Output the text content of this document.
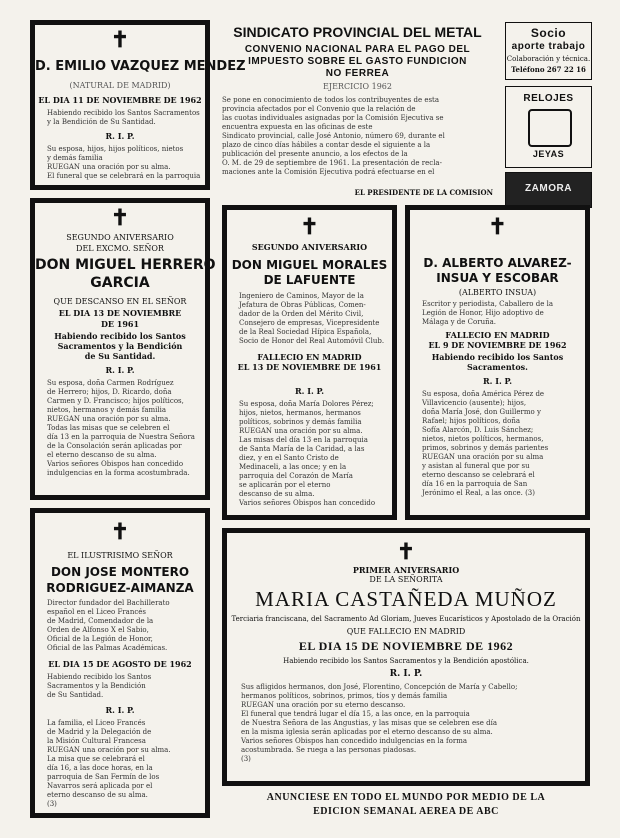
✝
D. EMILIO VAZQUEZ MENDEZ
(NATURAL DE MADRID)
EL DIA 11 DE NOVIEMBRE DE 1962
Habiendo recibido los Santos Sacramentos
y la Bendición de Su Santidad.
R. I. P.
Su esposa, hijos, hijos políticos, nietos
y demás familia
RUEGAN una oración por su alma.
El funeral que se celebrará en la parroquia
✝
SEGUNDO ANIVERSARIO
DEL EXCMO. SEÑOR
DON MIGUEL HERRERO
GARCIA
QUE DESCANSO EN EL SEÑOR
EL DIA 13 DE NOVIEMBRE
DE 1961
Habiendo recibido los Santos
Sacramentos y la Bendición
de Su Santidad.
R. I. P.
Su esposa, doña Carmen Rodríguez
de Herrero; hijos, D. Ricardo, doña
Carmen y D. Francisco; hijos políticos,
nietos, hermanos y demás familia
RUEGAN una oración por su alma.
Todas las misas que se celebren el
día 13 en la parroquia de Nuestra Señora
de la Consolación serán aplicadas por
el eterno descanso de su alma.
Varios señores Obispos han concedido
indulgencias en la forma acostumbrada.
✝
EL ILUSTRISIMO SEÑOR
DON JOSE MONTERO
RODRIGUEZ-AIMANZA
Director fundador del Bachillerato
español en el Liceo Francés
de Madrid, Comendador de la
Orden de Alfonso X el Sabio,
Oficial de la Legión de Honor,
Oficial de las Palmas Académicas.
EL DIA 15 DE AGOSTO DE 1962
Habiendo recibido los Santos
Sacramentos y la Bendición
de Su Santidad.
R. I. P.
La familia, el Liceo Francés
de Madrid y la Delegación de
la Misión Cultural Francesa
RUEGAN una oración por su alma.
La misa que se celebrará el
día 16, a las doce horas, en la
parroquia de San Fermín de los
Navarros será aplicada por el
eterno descanso de su alma.
(3)
SINDICATO PROVINCIAL DEL METAL
CONVENIO NACIONAL PARA EL PAGO DEL
IMPUESTO SOBRE EL GASTO FUNDICION
NO FERREA
EJERCICIO 1962
Se pone en conocimiento de todos los contribuyentes de esta
provincia afectados por el Convenio que la relación de
las cuotas individuales asignadas por la Comisión Ejecutiva se
encuentra expuesta en las oficinas de este
Sindicato provincial, calle José Antonio, número 69, durante el
plazo de cinco días hábiles a contar desde el siguiente a la
publicación del presente anuncio, a los efectos de la
O. M. de 29 de septiembre de 1961. La presentación de recla-
maciones ante la Comisión Ejecutiva podrá efectuarse en el
EL PRESIDENTE DE LA COMISION
Socio
aporte trabajo
Colaboración y técnica.
Teléfono 267 22 16
RELOJES
JEYAS
ZAMORA
✝
SEGUNDO ANIVERSARIO
DON MIGUEL MORALES
DE LAFUENTE
Ingeniero de Caminos, Mayor de la
Jefatura de Obras Públicas, Comen-
dador de la Orden del Mérito Civil,
Consejero de empresas, Vicepresidente
de la Real Sociedad Hípica Española,
Socio de Honor del Real Automóvil Club.
FALLECIO EN MADRID
EL 13 DE NOVIEMBRE DE 1961
R. I. P.
Su esposa, doña María Dolores Pérez;
hijos, nietos, hermanos, hermanos
políticos, sobrinos y demás familia
RUEGAN una oración por su alma.
Las misas del día 13 en la parroquia
de Santa María de la Caridad, a las
diez, y en el Santo Cristo de
Medinaceli, a las once; y en la
parroquia del Corazón de María
se aplicarán por el eterno
descanso de su alma.
Varios señores Obispos han concedido
✝
D. ALBERTO ALVAREZ-
INSUA Y ESCOBAR
(ALBERTO INSUA)
Escritor y periodista, Caballero de la
Legión de Honor, Hijo adoptivo de
Málaga y de Coruña.
FALLECIO EN MADRID
EL 9 DE NOVIEMBRE DE 1962
Habiendo recibido los Santos
Sacramentos.
R. I. P.
Su esposa, doña América Pérez de
Villavicencio (ausente); hijos,
doña María José, don Guillermo y
Rafael; hijos políticos, doña
Sofía Alarcón, D. Luis Sánchez;
nietos, nietos políticos, hermanos,
primos, sobrinos y demás parientes
RUEGAN una oración por su alma
y asistan al funeral que por su
eterno descanso se celebrará el
día 16 en la parroquia de San
Jerónimo el Real, a las once. (3)
✝
PRIMER ANIVERSARIO
DE LA SEÑORITA
MARIA CASTAÑEDA MUÑOZ
Terciaria franciscana, del Sacramento Ad Gloriam, Jueves Eucarísticos y Apostolado de la Oración
QUE FALLECIO EN MADRID
EL DIA 15 DE NOVIEMBRE DE 1962
Habiendo recibido los Santos Sacramentos y la Bendición apostólica.
R. I. P.
Sus afligidos hermanos, don José, Florentino, Concepción de María y Cabello;
hermanos políticos, sobrinos, primos, tíos y demás familia
RUEGAN una oración por su eterno descanso.
El funeral que tendrá lugar el día 15, a las once, en la parroquia
de Nuestra Señora de las Angustias, y las misas que se celebren ese día
en la misma iglesia serán aplicadas por el eterno descanso de su alma.
Varios señores Obispos han concedido indulgencias en la forma
acostumbrada. Se ruega a las personas piadosas.
(3)
ANUNCIESE EN TODO EL MUNDO POR MEDIO DE LA
EDICION SEMANAL AEREA DE ABC
